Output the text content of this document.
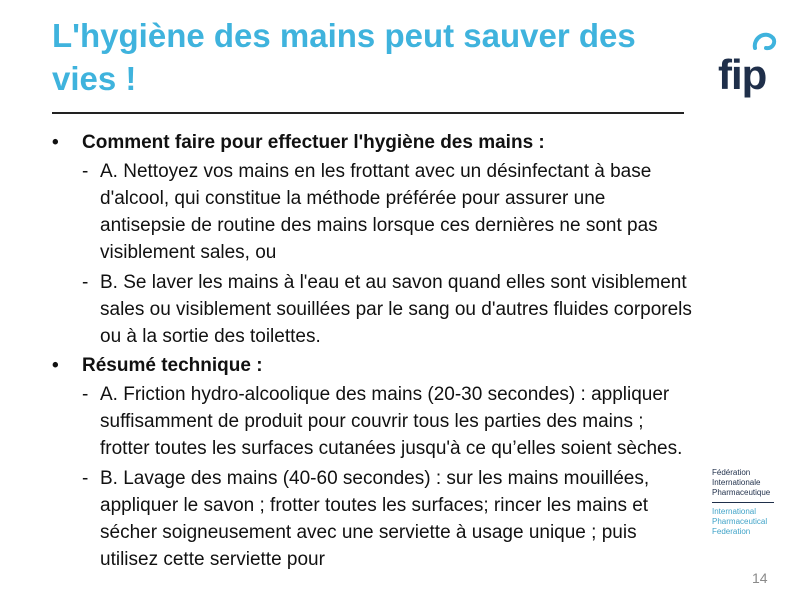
L'hygiène des mains peut sauver des vies !	fip

• Comment faire pour effectuer l'hygiène des mains :

- A. Nettoyez vos mains en les frottant avec un désinfectant à base d'alcool, qui constitue la méthode préférée pour assurer une antisepsie de routine des mains lorsque ces dernières ne sont pas visiblement sales, ou

- B. Se laver les mains à l'eau et au savon quand elles sont visiblement sales ou visiblement souillées par le sang ou d'autres fluides corporels ou à la sortie des toilettes.

• Résumé technique :

- A. Friction hydro-alcoolique des mains (20-30 secondes) : appliquer suffisamment de produit pour couvrir tous les parties des mains ; frotter toutes les surfaces cutanées jusqu'à ce qu’elles soient sèches.

- B. Lavage des mains (40-60 secondes) : sur les mains mouillées, appliquer le savon ; frotter toutes les surfaces; rincer les mains et sécher soigneusement avec une serviette à usage unique ; puis utilisez cette serviette pour

Fédération
Internationale
Pharmaceutique
International
Pharmaceutical
Federation
14
